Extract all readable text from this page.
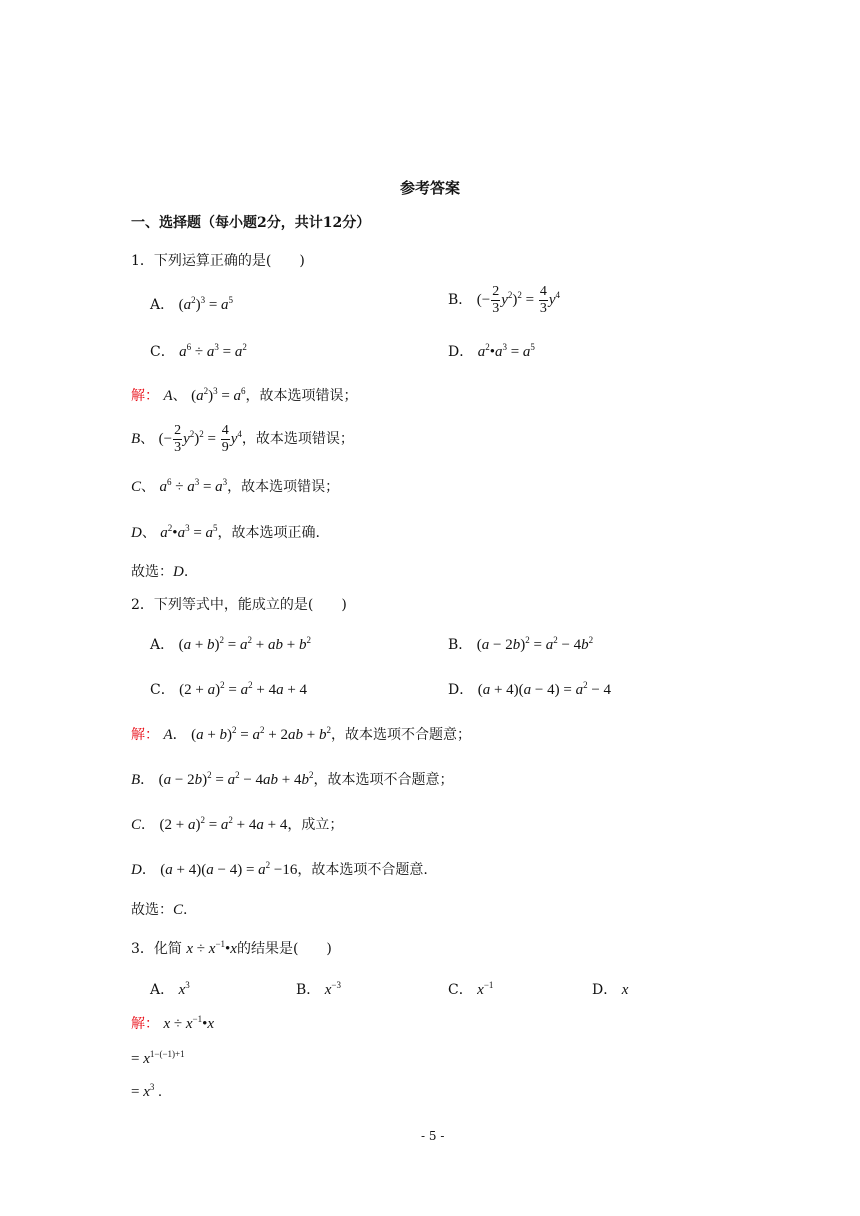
参考答案
一、选择题（每小题2分，共计12分）
1．下列运算正确的是(　　)
A． $(a^2)^3 = a^5$	B． (− $\frac{2}{3} y^2)^2 = \frac{4}{3} y^4$
C． $a^6 \div a^3 = a^2$	D． $a^2•a^3 = a^5$
解： A、 $(a^2)^3 = a^6$，故本选项错误；
B、 (− $\frac{2}{3} y^2)^2 = \frac{4}{9} y^4$，故本选项错误；
C、 $a^6 \div a^3 = a^3$，故本选项错误；
D、 $a^2•a^3 = a^5$，故本选项正确.
故选：D.
2．下列等式中，能成立的是(　　)
A． $(a + b)^2 = a^2$ + ab + $b^2$	B． $(a - 2b)^2 = a^2 - 4b^2$
C． $(2 + a)^2 = a^2 + 4a + 4$	D． $(a + 4)(a - 4) = a^2 - 4$
解： A． $(a + b)^2 = a^2 + 2ab + b^2$，故本选项不合题意；
B． $(a - 2b)^2 = a^2 - 4ab + 4b^2$，故本选项不合题意；
C． $(2 + a)^2 = a^2 + 4a + 4$，成立；
D． $(a + 4)(a - 4) = a^2 -16$，故本选项不合题意.
故选：C.
3．化简 $x \div x^{-1}•x$的结果是(　　)
A． $x^3$	B． $x^{-3}$	C． $x^{-1}$	D． x
解： $x \div x^{-1}•x$
= $x^{1-(-1)+1}$
= $x^3$ .
- 5 -
